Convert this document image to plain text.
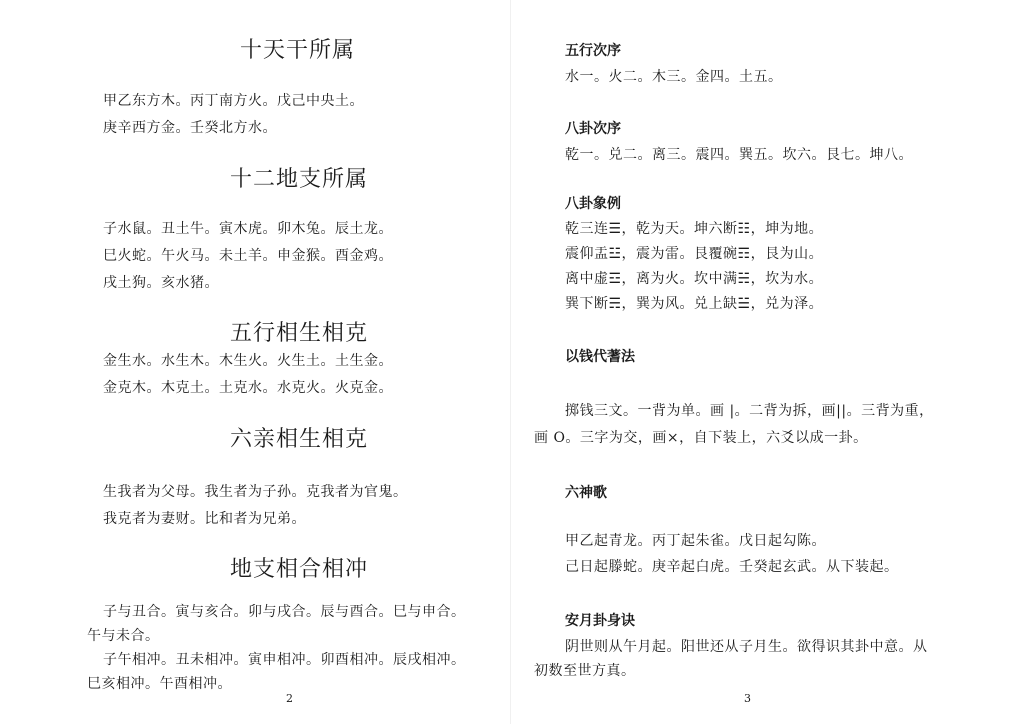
十天干所属
甲乙东方木。丙丁南方火。戊己中央土。
庚辛西方金。壬癸北方水。
十二地支所属
子水鼠。丑土牛。寅木虎。卯木兔。辰土龙。
巳火蛇。午火马。未土羊。申金猴。酉金鸡。
戌土狗。亥水猪。
五行相生相克
金生水。水生木。木生火。火生土。土生金。
金克木。木克土。土克水。水克火。火克金。
六亲相生相克
生我者为父母。我生者为子孙。克我者为官鬼。
我克者为妻财。比和者为兄弟。
地支相合相冲
子与丑合。寅与亥合。卯与戌合。辰与酉合。巳与申合。
午与未合。
子午相冲。丑未相冲。寅申相冲。卯酉相冲。辰戌相冲。
巳亥相冲。午酉相冲。
2
五行次序
水一。火二。木三。金四。土五。
八卦次序
乾一。兑二。离三。震四。巽五。坎六。艮七。坤八。
八卦象例
乾三连☰，乾为天。坤六断☷，坤为地。
震仰盂☳，震为雷。艮覆碗☶，艮为山。
离中虚☲，离为火。坎中满☵，坎为水。
巽下断☴，巽为风。兑上缺☱，兑为泽。
以钱代蓍法
掷钱三文。一背为单。画 |。二背为拆，画||。三背为重，
画 O。三字为交，画×，自下装上，六爻以成一卦。
六神歌
甲乙起青龙。丙丁起朱雀。戊日起勾陈。
己日起滕蛇。庚辛起白虎。壬癸起玄武。从下装起。
安月卦身诀
阴世则从午月起。阳世还从子月生。欲得识其卦中意。从
初数至世方真。
3
